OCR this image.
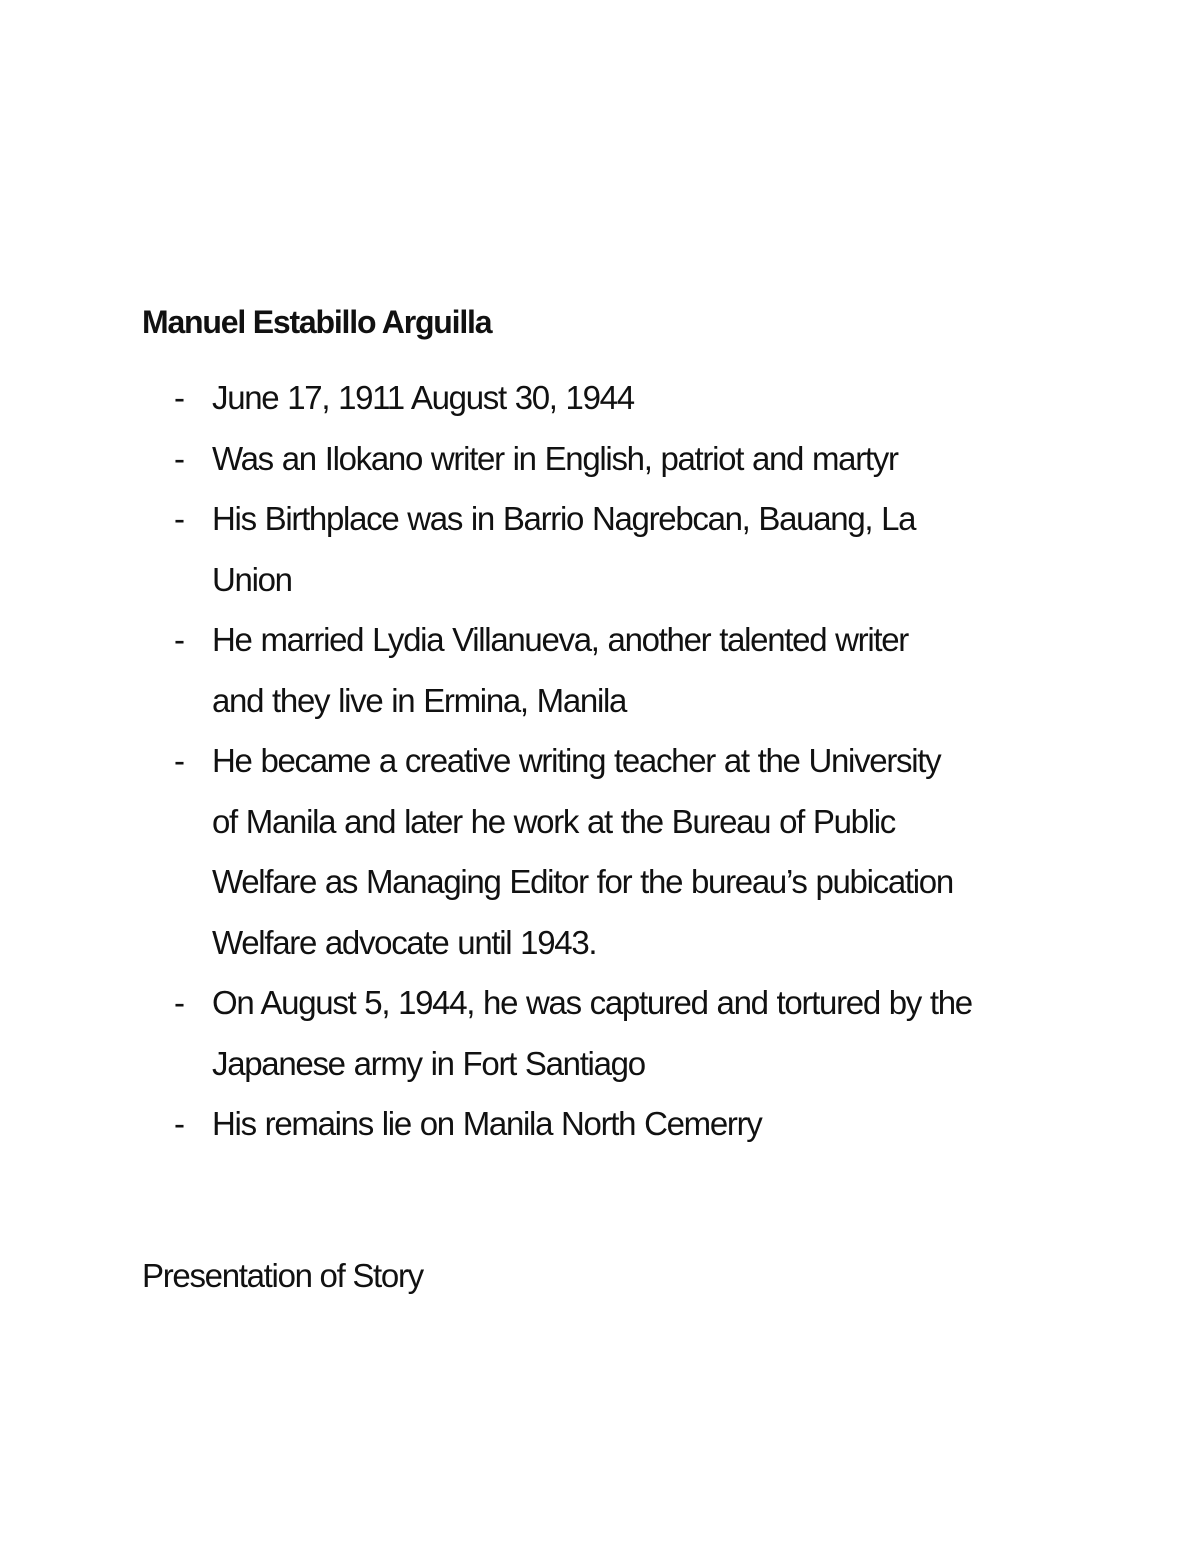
Manuel Estabillo Arguilla
- June 17, 1911 August 30, 1944
- Was an Ilokano writer in English, patriot and martyr
- His Birthplace was in Barrio Nagrebcan, Bauang, La
Union
- He married Lydia Villanueva, another talented writer
and they live in Ermina, Manila
- He became a creative writing teacher at the University
of Manila and later he work at the Bureau of Public
Welfare as Managing Editor for the bureau’s pubication
Welfare advocate until 1943.
- On August 5, 1944, he was captured and tortured by the
Japanese army in Fort Santiago
- His remains lie on Manila North Cemerry
Presentation of Story
